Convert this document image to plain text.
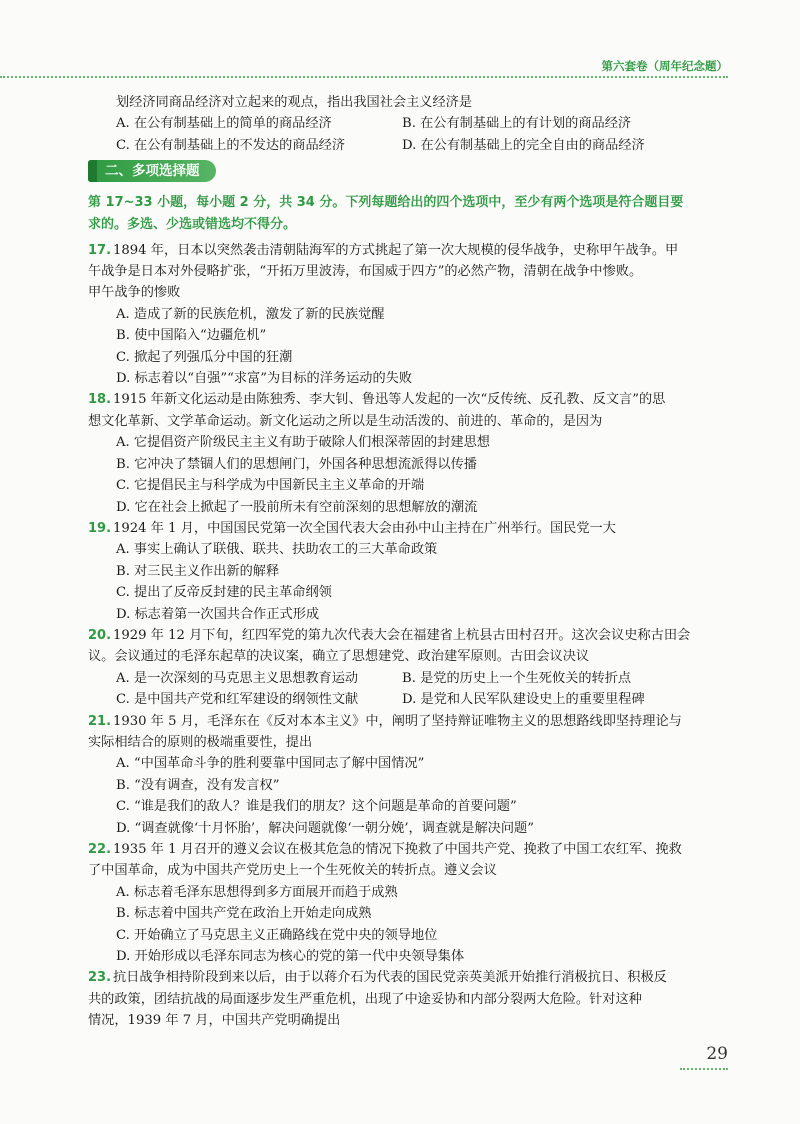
第六套卷（周年纪念题）
划经济同商品经济对立起来的观点，指出我国社会主义经济是
A. 在公有制基础上的简单的商品经济	B. 在公有制基础上的有计划的商品经济
C. 在公有制基础上的不发达的商品经济	D. 在公有制基础上的完全自由的商品经济
二、多项选择题
第 17~33 小题，每小题 2 分，共 34 分。下列每题给出的四个选项中，至少有两个选项是符合题目要
求的。多选、少选或错选均不得分。
17. 1894 年，日本以突然袭击清朝陆海军的方式挑起了第一次大规模的侵华战争，史称甲午战争。甲
午战争是日本对外侵略扩张，“开拓万里波涛，布国威于四方”的必然产物，清朝在战争中惨败。
甲午战争的惨败
A. 造成了新的民族危机，激发了新的民族觉醒
B. 使中国陷入“边疆危机”
C. 掀起了列强瓜分中国的狂潮
D. 标志着以“自强”“求富”为目标的洋务运动的失败
18. 1915 年新文化运动是由陈独秀、李大钊、鲁迅等人发起的一次“反传统、反孔教、反文言”的思
想文化革新、文学革命运动。新文化运动之所以是生动活泼的、前进的、革命的，是因为
A. 它提倡资产阶级民主主义有助于破除人们根深蒂固的封建思想
B. 它冲决了禁锢人们的思想闸门，外国各种思想流派得以传播
C. 它提倡民主与科学成为中国新民主主义革命的开端
D. 它在社会上掀起了一股前所未有空前深刻的思想解放的潮流
19. 1924 年 1 月，中国国民党第一次全国代表大会由孙中山主持在广州举行。国民党一大
A. 事实上确认了联俄、联共、扶助农工的三大革命政策
B. 对三民主义作出新的解释
C. 提出了反帝反封建的民主革命纲领
D. 标志着第一次国共合作正式形成
20. 1929 年 12 月下旬，红四军党的第九次代表大会在福建省上杭县古田村召开。这次会议史称古田会
议。会议通过的毛泽东起草的决议案，确立了思想建党、政治建军原则。古田会议决议
A. 是一次深刻的马克思主义思想教育运动	B. 是党的历史上一个生死攸关的转折点
C. 是中国共产党和红军建设的纲领性文献	D. 是党和人民军队建设史上的重要里程碑
21. 1930 年 5 月，毛泽东在《反对本本主义》中，阐明了坚持辩证唯物主义的思想路线即坚持理论与
实际相结合的原则的极端重要性，提出
A. “中国革命斗争的胜利要靠中国同志了解中国情况”
B. “没有调查，没有发言权”
C. “谁是我们的敌人？谁是我们的朋友？这个问题是革命的首要问题”
D. “调查就像‘十月怀胎’，解决问题就像‘一朝分娩’，调查就是解决问题”
22. 1935 年 1 月召开的遵义会议在极其危急的情况下挽救了中国共产党、挽救了中国工农红军、挽救
了中国革命，成为中国共产党历史上一个生死攸关的转折点。遵义会议
A. 标志着毛泽东思想得到多方面展开而趋于成熟
B. 标志着中国共产党在政治上开始走向成熟
C. 开始确立了马克思主义正确路线在党中央的领导地位
D. 开始形成以毛泽东同志为核心的党的第一代中央领导集体
23. 抗日战争相持阶段到来以后，由于以蒋介石为代表的国民党亲英美派开始推行消极抗日、积极反
共的政策，团结抗战的局面逐步发生严重危机，出现了中途妥协和内部分裂两大危险。针对这种
情况，1939 年 7 月，中国共产党明确提出
29
